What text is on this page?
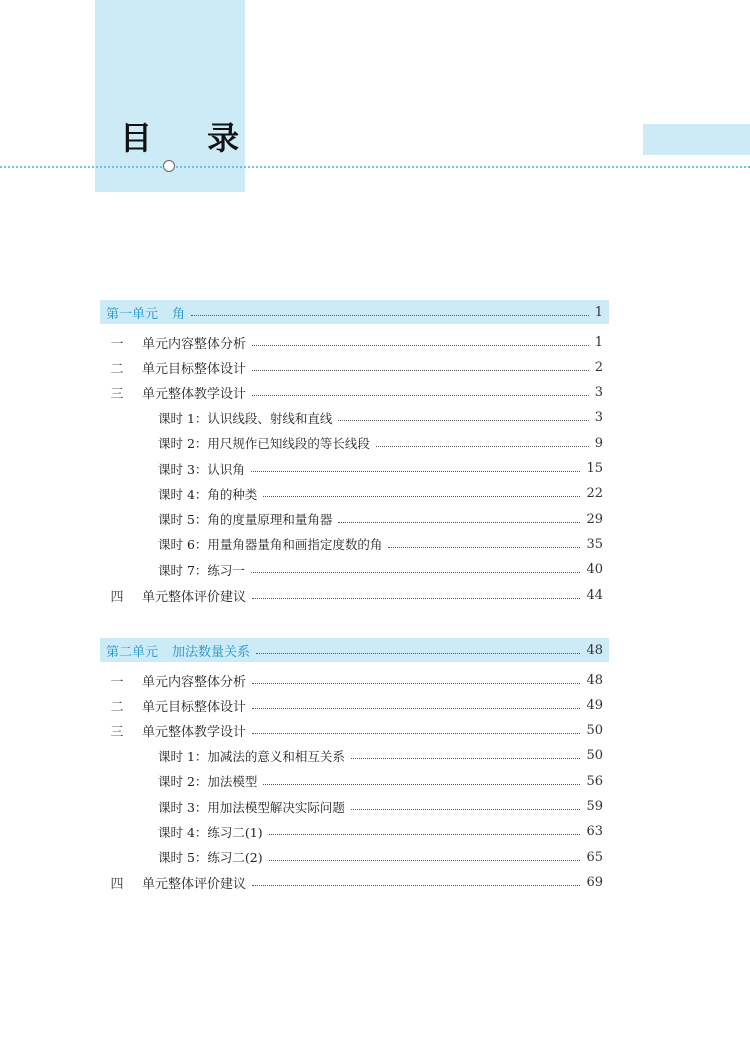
目 录
第一单元 角	1
一	单元内容整体分析	1
二	单元目标整体设计	2
三	单元整体教学设计	3
课时 1：认识线段、射线和直线	3
课时 2：用尺规作已知线段的等长线段	9
课时 3：认识角	15
课时 4：角的种类	22
课时 5：角的度量原理和量角器	29
课时 6：用量角器量角和画指定度数的角	35
课时 7：练习一	40
四	单元整体评价建议	44
第二单元 加法数量关系	48
一	单元内容整体分析	48
二	单元目标整体设计	49
三	单元整体教学设计	50
课时 1：加减法的意义和相互关系	50
课时 2：加法模型	56
课时 3：用加法模型解决实际问题	59
课时 4：练习二(1)	63
课时 5：练习二(2)	65
四	单元整体评价建议	69
